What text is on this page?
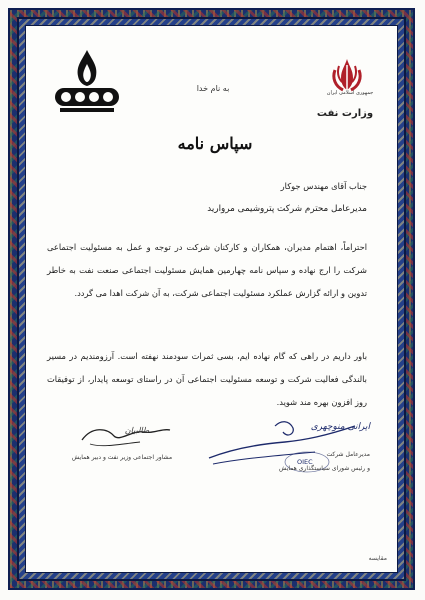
جمهوری اسلامی ایران
وزارت نفت
به نام خدا
سپاس نامه
جناب آقای مهندس جوکار
مدیرعامل محترم شرکت پتروشیمی مروارید
احتراماً، اهتمام مدیران، همکاران و کارکنان شرکت در توجه و عمل به مسئولیت اجتماعی شرکت را ارج نهاده و سپاس نامه چهارمین همایش مسئولیت اجتماعی صنعت نفت به خاطر تدوین و ارائه گزارش عملکرد مسئولیت اجتماعی شرکت، به آن شرکت اهدا می گردد.
باور داریم در راهی که گام نهاده ایم، بسی ثمرات سودمند نهفته است. آرزومندیم در مسیر بالندگی فعالیت شرکت و توسعه مسئولیت اجتماعی آن در راستای توسعه پایدار، از توفیقات روز افزون بهره مند شوید.
طالبیان
مشاور اجتماعی وزیر نفت و دبیر همایش
ایرانی منوچهری
OIEC
مدیرعامل شرکت
و رئیس شورای سیاستگذاری همایش
مقایسه
